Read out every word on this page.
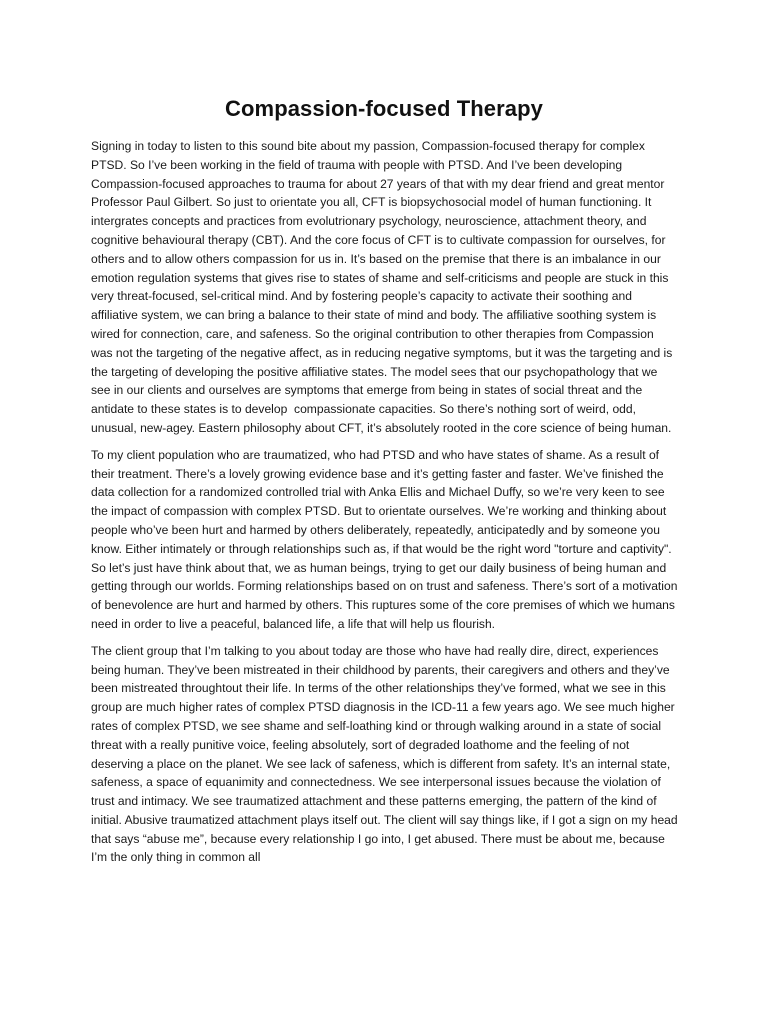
Compassion-focused Therapy

Signing in today to listen to this sound bite about my passion, Compassion-focused therapy for complex PTSD. So I’ve been working in the field of trauma with people with PTSD. And I’ve been developing Compassion-focused approaches to trauma for about 27 years of that with my dear friend and great mentor Professor Paul Gilbert. So just to orientate you all, CFT is biopsychosocial model of human functioning. It intergrates concepts and practices from evolutrionary psychology, neuroscience, attachment theory, and cognitive behavioural therapy (CBT). And the core focus of CFT is to cultivate compassion for ourselves, for others and to allow others compassion for us in. It’s based on the premise that there is an imbalance in our emotion regulation systems that gives rise to states of shame and self-criticisms and people are stuck in this very threat-focused, sel-critical mind. And by fostering people’s capacity to activate their soothing and affiliative system, we can bring a balance to their state of mind and body. The affiliative soothing system is wired for connection, care, and safeness. So the original contribution to other therapies from Compassion was not the targeting of the negative affect, as in reducing negative symptoms, but it was the targeting and is the targeting of developing the positive affiliative states. The model sees that our psychopathology that we see in our clients and ourselves are symptoms that emerge from being in states of social threat and the antidate to these states is to develop  compassionate capacities. So there’s nothing sort of weird, odd, unusual, new-agey. Eastern philosophy about CFT, it’s absolutely rooted in the core science of being human.

To my client population who are traumatized, who had PTSD and who have states of shame. As a result of their treatment. There’s a lovely growing evidence base and it’s getting faster and faster. We’ve finished the data collection for a randomized controlled trial with Anka Ellis and Michael Duffy, so we’re very keen to see the impact of compassion with complex PTSD. But to orientate ourselves. We’re working and thinking about people who’ve been hurt and harmed by others deliberately, repeatedly, anticipatedly and by someone you know. Either intimately or through relationships such as, if that would be the right word "torture and captivity". So let’s just have think about that, we as human beings, trying to get our daily business of being human and getting through our worlds. Forming relationships based on on trust and safeness. There’s sort of a motivation of benevolence are hurt and harmed by others. This ruptures some of the core premises of which we humans need in order to live a peaceful, balanced life, a life that will help us flourish.

The client group that I’m talking to you about today are those who have had really dire, direct, experiences being human. They’ve been mistreated in their childhood by parents, their caregivers and others and they’ve been mistreated throughtout their life. In terms of the other relationships they’ve formed, what we see in this group are much higher rates of complex PTSD diagnosis in the ICD-11 a few years ago. We see much higher rates of complex PTSD, we see shame and self-loathing kind or through walking around in a state of social threat with a really punitive voice, feeling absolutely, sort of degraded loathome and the feeling of not deserving a place on the planet. We see lack of safeness, which is different from safety. It’s an internal state, safeness, a space of equanimity and connectedness. We see interpersonal issues because the violation of trust and intimacy. We see traumatized attachment and these patterns emerging, the pattern of the kind of initial. Abusive traumatized attachment plays itself out. The client will say things like, if I got a sign on my head that says “abuse me”, because every relationship I go into, I get abused. There must be about me, because I’m the only thing in common all
